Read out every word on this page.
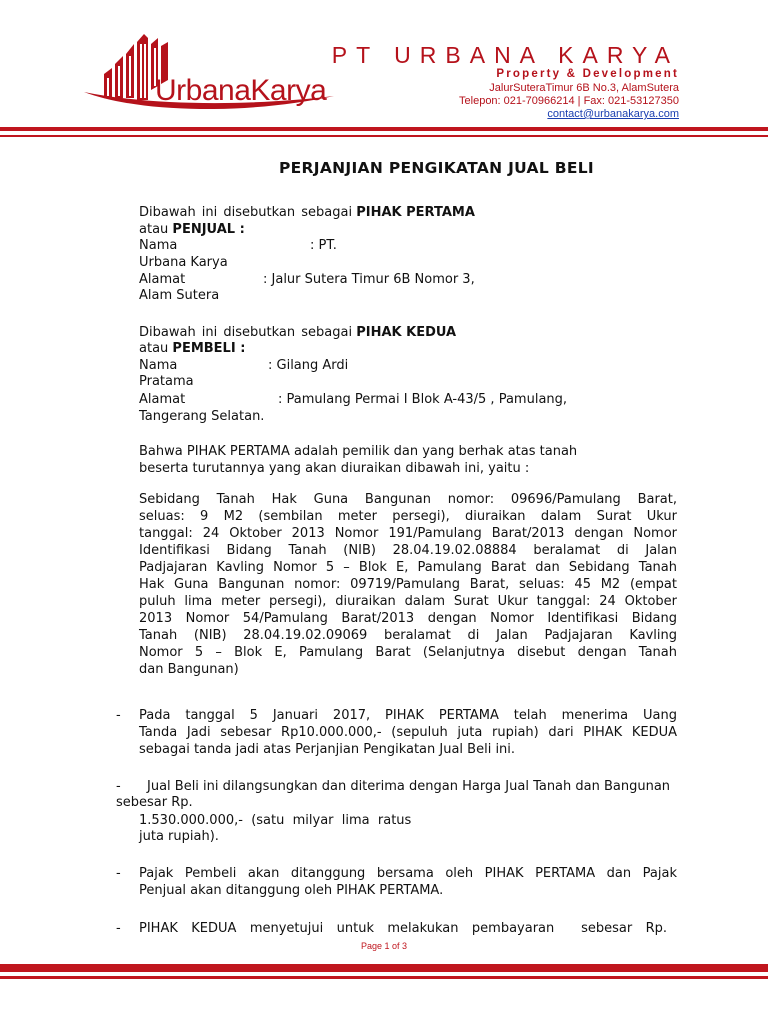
UrbanaKarya
PT URBANA KARYA
Property & Development
JalurSuteraTimur 6B No.3, AlamSutera
Telepon: 021-70966214 | Fax: 021-53127350
contact@urbanakarya.com
PERJANJIAN PENGIKATAN JUAL BELI
Dibawah ini disebutkan sebagai PIHAK PERTAMA
atau PENJUAL :
Nama	: PT.
Urbana Karya
Alamat	: Jalur Sutera Timur 6B Nomor 3,
Alam Sutera
Dibawah ini disebutkan sebagai PIHAK KEDUA
atau PEMBELI :
Nama	: Gilang Ardi
Pratama
Alamat	: Pamulang Permai I Blok A-43/5 , Pamulang,
Tangerang Selatan.
Bahwa PIHAK PERTAMA adalah pemilik dan yang berhak atas tanah
beserta turutannya yang akan diuraikan dibawah ini, yaitu :
Sebidang Tanah Hak Guna Bangunan nomor: 09696/Pamulang Barat,
seluas: 9 M2 (sembilan meter persegi), diuraikan dalam Surat Ukur
tanggal: 24 Oktober 2013 Nomor 191/Pamulang Barat/2013 dengan Nomor
Identifikasi Bidang Tanah (NIB) 28.04.19.02.08884 beralamat di Jalan
Padjajaran Kavling Nomor 5 – Blok E, Pamulang Barat dan Sebidang Tanah
Hak Guna Bangunan nomor: 09719/Pamulang Barat, seluas: 45 M2 (empat
puluh lima meter persegi), diuraikan dalam Surat Ukur tanggal: 24 Oktober
2013 Nomor 54/Pamulang Barat/2013 dengan Nomor Identifikasi Bidang
Tanah (NIB) 28.04.19.02.09069 beralamat di Jalan Padjajaran Kavling
Nomor 5 – Blok E, Pamulang Barat (Selanjutnya disebut dengan Tanah
dan Bangunan)
- Pada tanggal 5 Januari 2017, PIHAK PERTAMA telah menerima Uang
Tanda Jadi sebesar Rp10.000.000,- (sepuluh juta rupiah) dari PIHAK KEDUA
sebagai tanda jadi atas Perjanjian Pengikatan Jual Beli ini.
- Jual Beli ini dilangsungkan dan diterima dengan Harga Jual Tanah dan Bangunan
sebesar Rp.
1.530.000.000,-  (satu  milyar  lima  ratus
juta rupiah).
- Pajak Pembeli akan ditanggung bersama oleh PIHAK PERTAMA dan Pajak
Penjual akan ditanggung oleh PIHAK PERTAMA.
- PIHAK KEDUA menyetujui untuk melakukan pembayaran  sebesar Rp.
Page 1 of 3
